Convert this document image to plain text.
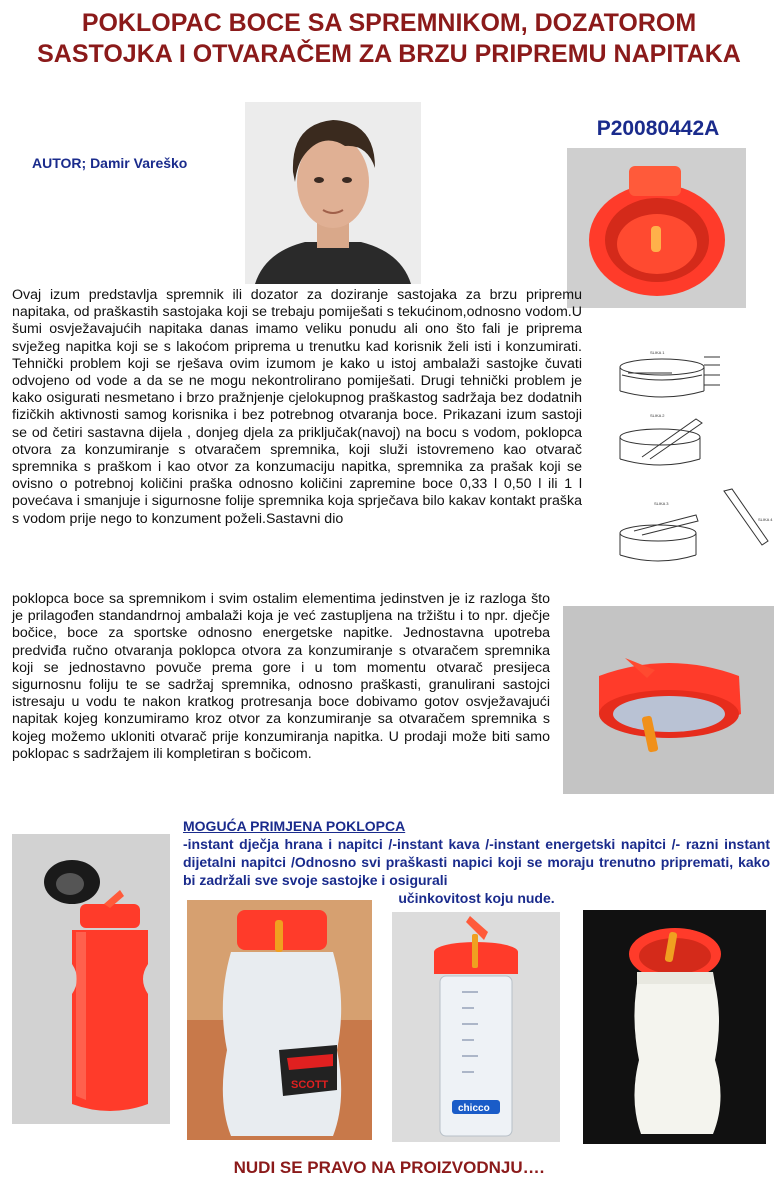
POKLOPAC BOCE SA SPREMNIKOM, DOZATOROM SASTOJKA I OTVARAČEM ZA BRZU PRIPREMU NAPITAKA
P20080442A
AUTOR; Damir Vareško
Ovaj izum predstavlja spremnik ili dozator za doziranje sastojaka za brzu pripremu napitaka, od praškastih sastojaka koji se trebaju pomiješati s tekućinom,odnosno vodom.U šumi osvježavajućih napitaka danas imamo veliku ponudu ali ono što fali je priprema svježeg napitka koji se s lakoćom priprema u trenutku kad korisnik želi isti i konzumirati. Tehnički problem koji se rješava ovim izumom je kako u istoj ambalaži sastojke čuvati odvojeno od vode a da se ne mogu nekontrolirano pomiješati. Drugi tehnički problem je kako osigurati nesmetano i brzo pražnjenje cjelokupnog praškastog sadržaja bez dodatnih fizičkih aktivnosti samog korisnika i bez potrebnog otvaranja boce. Prikazani izum sastoji se od četiri sastavna dijela , donjeg djela za priključak(navoj) na bocu s vodom, poklopca otvora za konzumiranje s otvaračem spremnika, koji služi istovremeno kao otvarač spremnika s praškom i kao otvor za konzumaciju napitka, spremnika za prašak koji se ovisno o potrebnoj količini praška odnosno količini zapremine boce 0,33 l 0,50 l ili 1 l povećava i smanjuje i sigurnosne folije spremnika koja sprječava bilo kakav kontakt praška s vodom prije nego to konzument poželi.Sastavni dio
SLIKA 1
SLIKA 2
SLIKA 3
SLIKA 4
poklopca boce sa spremnikom i svim ostalim elementima jedinstven je iz razloga što je prilagođen standandrnoj ambalaži koja je već zastupljena na tržištu i to npr. dječje bočice, boce za sportske odnosno energetske napitke. Jednostavna upotreba predviđa ručno otvaranja poklopca otvora za konzumiranje s otvaračem spremnika koji se jednostavno povuče prema gore i u tom momentu otvarač presijeca sigurnosnu foliju te se sadržaj spremnika, odnosno praškasti, granulirani sastojci istresaju u vodu te nakon kratkog protresanja boce dobivamo gotov osvježavajući napitak kojeg konzumiramo kroz otvor za konzumiranje sa otvaračem spremnika s kojeg možemo ukloniti otvarač prije konzumiranja napitka. U prodaji može biti samo poklopac s sadržajem ili kompletiran s bočicom.
MOGUĆA PRIMJENA POKLOPCA
-instant dječja hrana i napitci /-instant kava /-instant energetski napitci /- razni instant dijetalni napitci /Odnosno svi praškasti napici koji se moraju trenutno pripremati, kako bi zadržali sve svoje sastojke i osigurali
učinkovitost koju nude.
SCOTT
chicco
NUDI SE PRAVO NA PROIZVODNJU….
